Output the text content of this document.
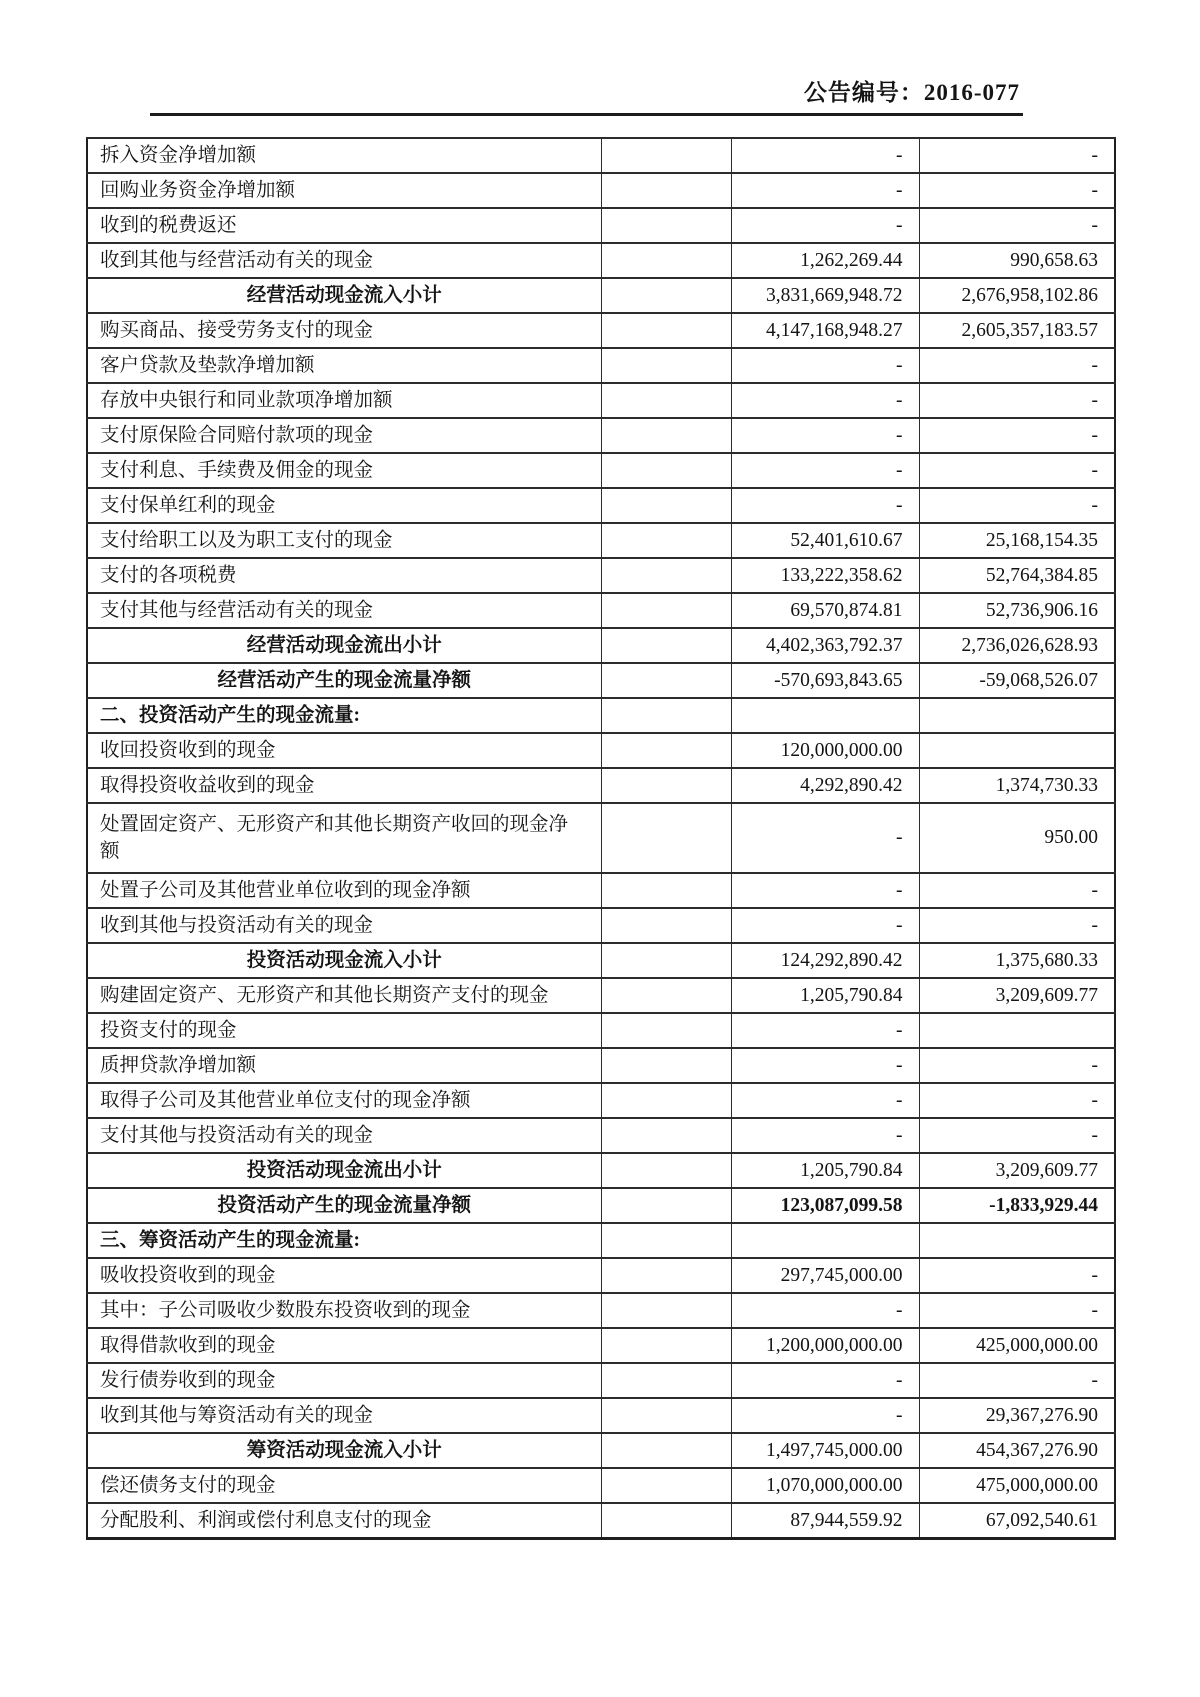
公告编号：2016-077
拆入资金净增加额		-	-
回购业务资金净增加额		-	-
收到的税费返还		-	-
收到其他与经营活动有关的现金		1,262,269.44	990,658.63
经营活动现金流入小计		3,831,669,948.72	2,676,958,102.86
购买商品、接受劳务支付的现金		4,147,168,948.27	2,605,357,183.57
客户贷款及垫款净增加额		-	-
存放中央银行和同业款项净增加额		-	-
支付原保险合同赔付款项的现金		-	-
支付利息、手续费及佣金的现金		-	-
支付保单红利的现金		-	-
支付给职工以及为职工支付的现金		52,401,610.67	25,168,154.35
支付的各项税费		133,222,358.62	52,764,384.85
支付其他与经营活动有关的现金		69,570,874.81	52,736,906.16
经营活动现金流出小计		4,402,363,792.37	2,736,026,628.93
经营活动产生的现金流量净额		-570,693,843.65	-59,068,526.07
二、投资活动产生的现金流量:			
收回投资收到的现金		120,000,000.00	
取得投资收益收到的现金		4,292,890.42	1,374,730.33
处置固定资产、无形资产和其他长期资产收回的现金净额		-	950.00
处置子公司及其他营业单位收到的现金净额		-	-
收到其他与投资活动有关的现金		-	-
投资活动现金流入小计		124,292,890.42	1,375,680.33
购建固定资产、无形资产和其他长期资产支付的现金		1,205,790.84	3,209,609.77
投资支付的现金		-	
质押贷款净增加额		-	-
取得子公司及其他营业单位支付的现金净额		-	-
支付其他与投资活动有关的现金		-	-
投资活动现金流出小计		1,205,790.84	3,209,609.77
投资活动产生的现金流量净额		123,087,099.58	-1,833,929.44
三、筹资活动产生的现金流量:			
吸收投资收到的现金		297,745,000.00	-
其中：子公司吸收少数股东投资收到的现金		-	-
取得借款收到的现金		1,200,000,000.00	425,000,000.00
发行债券收到的现金		-	-
收到其他与筹资活动有关的现金		-	29,367,276.90
筹资活动现金流入小计		1,497,745,000.00	454,367,276.90
偿还债务支付的现金		1,070,000,000.00	475,000,000.00
分配股利、利润或偿付利息支付的现金		87,944,559.92	67,092,540.61
